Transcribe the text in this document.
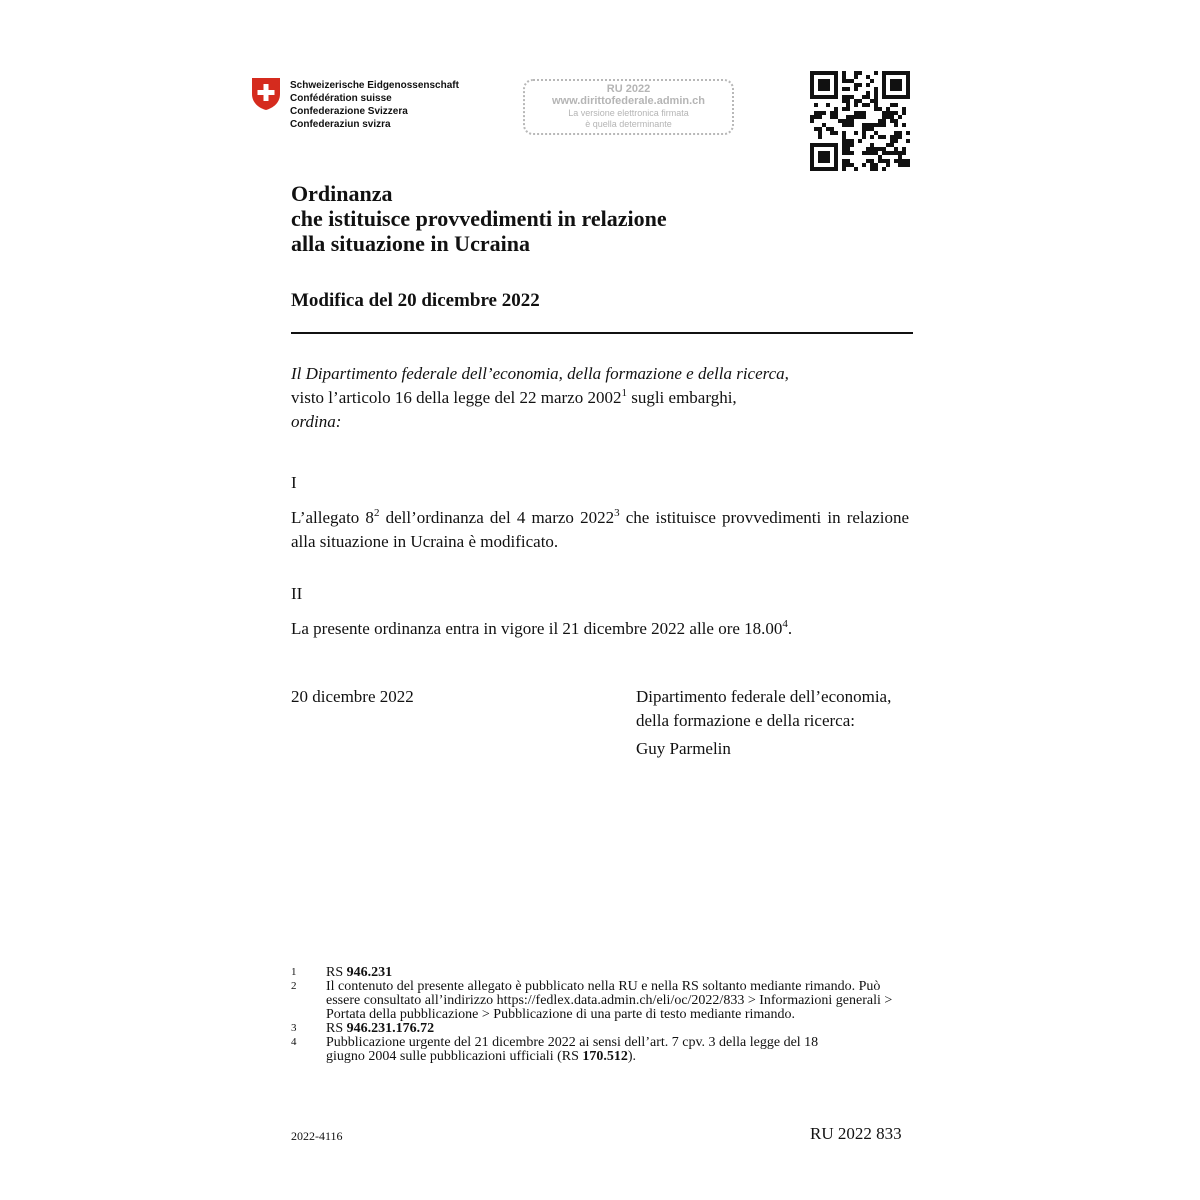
Schweizerische Eidgenossenschaft
Confédération suisse
Confederazione Svizzera
Confederaziun svizra
RU 2022
www.dirittofederale.admin.ch
La versione elettronica firmata
è quella determinante
Ordinanza
che istituisce provvedimenti in relazione
alla situazione in Ucraina
Modifica del 20 dicembre 2022
Il Dipartimento federale dell’economia, della formazione e della ricerca,
visto l’articolo 16 della legge del 22 marzo 2002$^1$ sugli embarghi,
ordina:
I
L’allegato 8$^2$ dell’ordinanza del 4 marzo 2022$^3$ che istituisce provvedimenti in relazione alla situazione in Ucraina è modificato.
II
La presente ordinanza entra in vigore il 21 dicembre 2022 alle ore 18.00$^4$.
20 dicembre 2022	Dipartimento federale dell’economia,
della formazione e della ricerca:
Guy Parmelin
1	RS 946.231
2	Il contenuto del presente allegato è pubblicato nella RU e nella RS soltanto mediante rimando. Può essere consultato all’indirizzo https://fedlex.data.admin.ch/eli/oc/2022/833 > Informazioni generali > Portata della pubblicazione > Pubblicazione di una parte di testo mediante rimando.
3	RS 946.231.176.72
4	Pubblicazione urgente del 21 dicembre 2022 ai sensi dell’art. 7 cpv. 3 della legge del 18 giugno 2004 sulle pubblicazioni ufficiali (RS 170.512).
2022-4116	RU 2022 833
